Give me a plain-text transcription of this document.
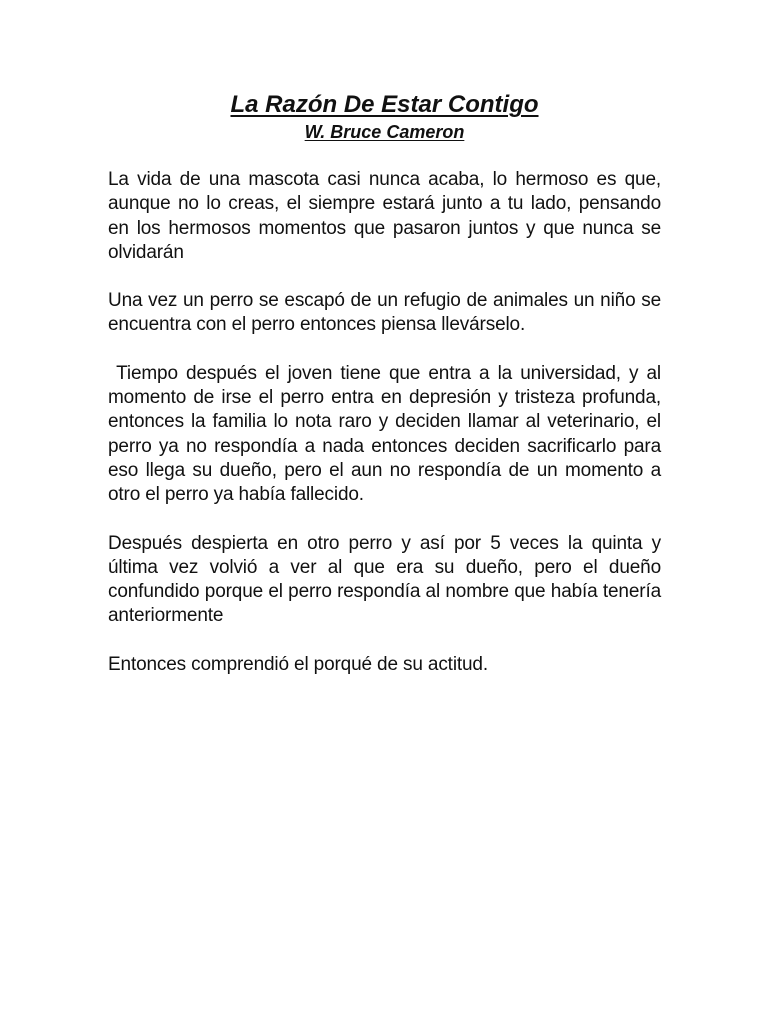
La Razón De Estar Contigo

W. Bruce Cameron

La vida de una mascota casi nunca acaba, lo hermoso es que, aunque no lo creas, el siempre estará junto a tu lado, pensando en los hermosos momentos que pasaron juntos y que nunca se olvidarán

Una vez un perro se escapó de un refugio de animales un niño se encuentra con el perro entonces piensa llevárselo.

Tiempo después el joven tiene que entra a la universidad, y al momento de irse el perro entra en depresión y tristeza profunda, entonces la familia lo nota raro y deciden llamar al veterinario, el perro ya no respondía a nada entonces deciden sacrificarlo para eso llega su dueño, pero el aun no respondía de un momento a otro el perro ya había fallecido.

Después despierta en otro perro y así por 5 veces la quinta y última vez volvió a ver al que era su dueño, pero el dueño confundido porque el perro respondía al nombre que había tenería anteriormente

Entonces comprendió el porqué de su actitud.
